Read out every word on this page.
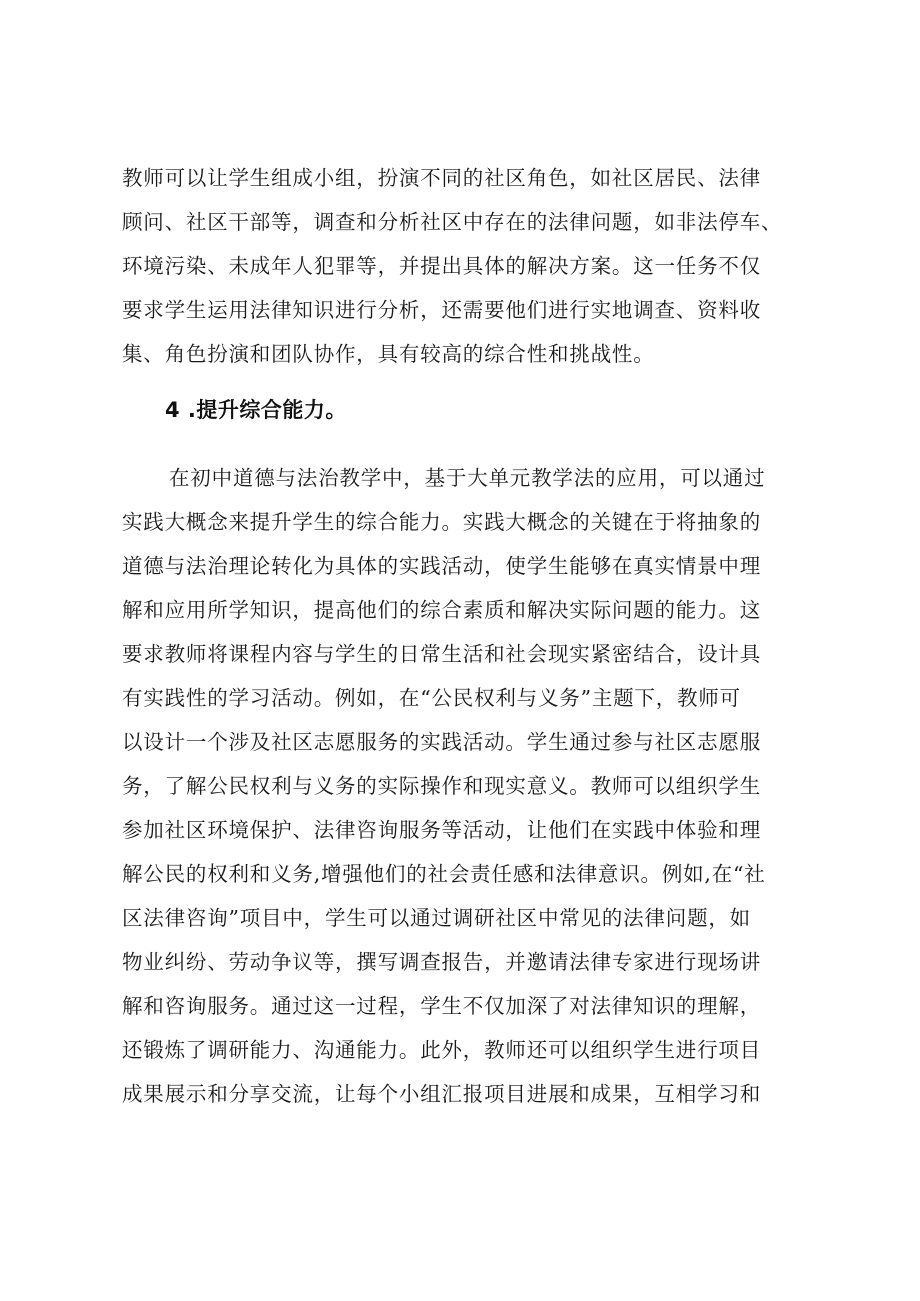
教师可以让学生组成小组，扮演不同的社区角色，如社区居民、法律
顾问、社区干部等，调查和分析社区中存在的法律问题，如非法停车、
环境污染、未成年人犯罪等，并提出具体的解决方案。这一任务不仅
要求学生运用法律知识进行分析，还需要他们进行实地调查、资料收
集、角色扮演和团队协作，具有较高的综合性和挑战性。
4 .提升综合能力。
在初中道德与法治教学中，基于大单元教学法的应用，可以通过
实践大概念来提升学生的综合能力。实践大概念的关键在于将抽象的
道德与法治理论转化为具体的实践活动，使学生能够在真实情景中理
解和应用所学知识，提高他们的综合素质和解决实际问题的能力。这
要求教师将课程内容与学生的日常生活和社会现实紧密结合，设计具
有实践性的学习活动。例如，在“公民权利与义务”主题下，教师可
以设计一个涉及社区志愿服务的实践活动。学生通过参与社区志愿服
务，了解公民权利与义务的实际操作和现实意义。教师可以组织学生
参加社区环境保护、法律咨询服务等活动，让他们在实践中体验和理
解公民的权利和义务,增强他们的社会责任感和法律意识。例如,在“社
区法律咨询”项目中，学生可以通过调研社区中常见的法律问题，如
物业纠纷、劳动争议等，撰写调查报告，并邀请法律专家进行现场讲
解和咨询服务。通过这一过程，学生不仅加深了对法律知识的理解，
还锻炼了调研能力、沟通能力。此外，教师还可以组织学生进行项目
成果展示和分享交流，让每个小组汇报项目进展和成果，互相学习和
